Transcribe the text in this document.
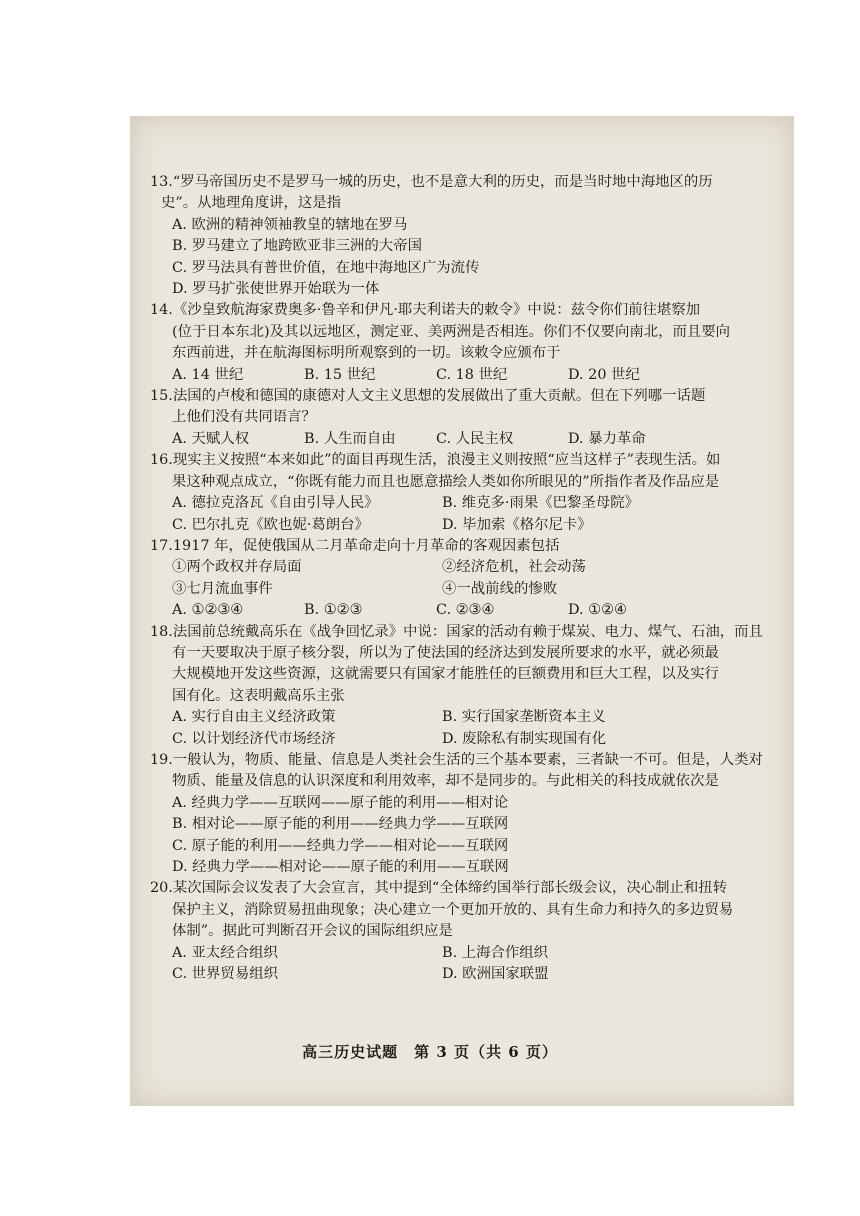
13.“罗马帝国历史不是罗马一城的历史，也不是意大利的历史，而是当时地中海地区的历
史”。从地理角度讲，这是指
A. 欧洲的精神领袖教皇的辖地在罗马
B. 罗马建立了地跨欧亚非三洲的大帝国
C. 罗马法具有普世价值，在地中海地区广为流传
D. 罗马扩张使世界开始联为一体
14.《沙皇致航海家费奥多·鲁辛和伊凡·耶夫利诺夫的敕令》中说：兹令你们前往堪察加
(位于日本东北)及其以远地区，测定亚、美两洲是否相连。你们不仅要向南北，而且要向
东西前进，并在航海图标明所观察到的一切。该敕令应颁布于
A. 14 世纪	B. 15 世纪	C. 18 世纪	D. 20 世纪
15.法国的卢梭和德国的康德对人文主义思想的发展做出了重大贡献。但在下列哪一话题
上他们没有共同语言？
A. 天赋人权	B. 人生而自由	C. 人民主权	D. 暴力革命
16.现实主义按照“本来如此”的面目再现生活，浪漫主义则按照“应当这样子”表现生活。如
果这种观点成立，“你既有能力而且也愿意描绘人类如你所眼见的”所指作者及作品应是
A. 德拉克洛瓦《自由引导人民》	B. 维克多·雨果《巴黎圣母院》
C. 巴尔扎克《欧也妮·葛朗台》	D. 毕加索《格尔尼卡》
17.1917 年，促使俄国从二月革命走向十月革命的客观因素包括
①两个政权并存局面	②经济危机，社会动荡
③七月流血事件	④一战前线的惨败
A. ①②③④	B. ①②③	C. ②③④	D. ①②④
18.法国前总统戴高乐在《战争回忆录》中说：国家的活动有赖于煤炭、电力、煤气、石油，而且
有一天要取决于原子核分裂，所以为了使法国的经济达到发展所要求的水平，就必须最
大规模地开发这些资源，这就需要只有国家才能胜任的巨额费用和巨大工程，以及实行
国有化。这表明戴高乐主张
A. 实行自由主义经济政策	B. 实行国家垄断资本主义
C. 以计划经济代市场经济	D. 废除私有制实现国有化
19.一般认为，物质、能量、信息是人类社会生活的三个基本要素，三者缺一不可。但是，人类对
物质、能量及信息的认识深度和利用效率，却不是同步的。与此相关的科技成就依次是
A. 经典力学——互联网——原子能的利用——相对论
B. 相对论——原子能的利用——经典力学——互联网
C. 原子能的利用——经典力学——相对论——互联网
D. 经典力学——相对论——原子能的利用——互联网
20.某次国际会议发表了大会宣言，其中提到“全体缔约国举行部长级会议，决心制止和扭转
保护主义，消除贸易扭曲现象；决心建立一个更加开放的、具有生命力和持久的多边贸易
体制”。据此可判断召开会议的国际组织应是
A. 亚太经合组织	B. 上海合作组织
C. 世界贸易组织	D. 欧洲国家联盟
高三历史试题　第 3 页（共 6 页）
